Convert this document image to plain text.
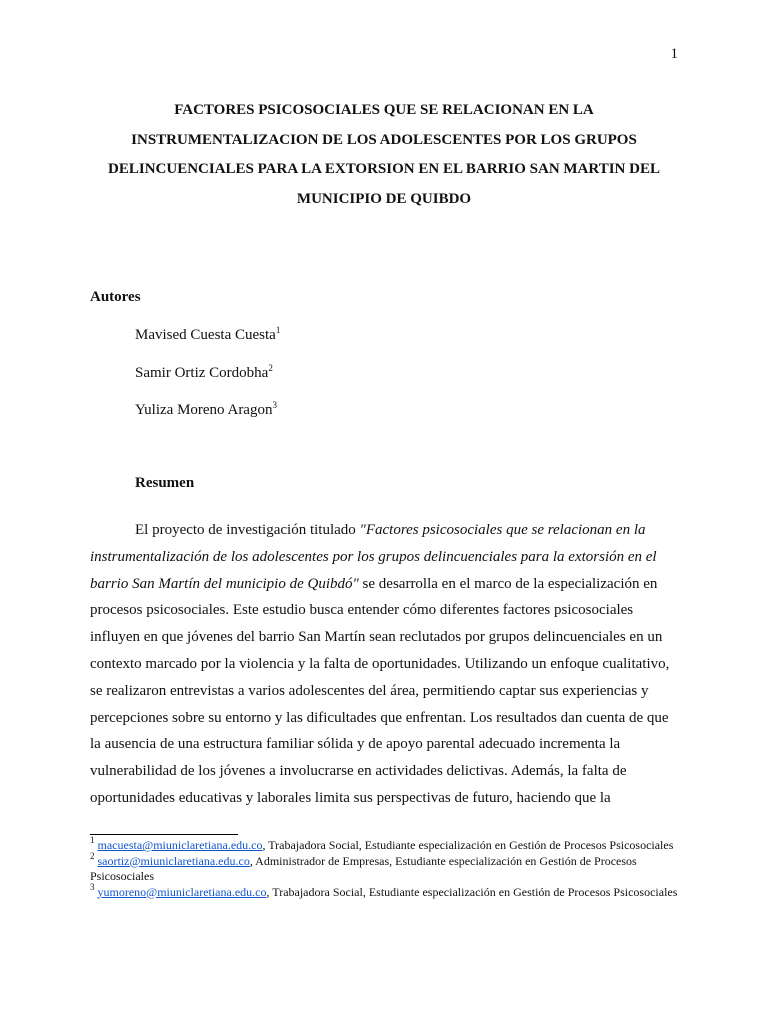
1
FACTORES PSICOSOCIALES QUE SE RELACIONAN EN LA INSTRUMENTALIZACION DE LOS ADOLESCENTES POR LOS GRUPOS DELINCUENCIALES PARA LA EXTORSION EN EL BARRIO SAN MARTIN DEL MUNICIPIO DE QUIBDO
Autores
Mavised Cuesta Cuesta$^1$
Samir Ortiz Cordobha$^2$
Yuliza Moreno Aragon$^3$
Resumen

El proyecto de investigación titulado "Factores psicosociales que se relacionan en la instrumentalización de los adolescentes por los grupos delincuenciales para la extorsión en el barrio San Martín del municipio de Quibdó" se desarrolla en el marco de la especialización en procesos psicosociales. Este estudio busca entender cómo diferentes factores psicosociales influyen en que jóvenes del barrio San Martín sean reclutados por grupos delincuenciales en un contexto marcado por la violencia y la falta de oportunidades. Utilizando un enfoque cualitativo, se realizaron entrevistas a varios adolescentes del área, permitiendo captar sus experiencias y percepciones sobre su entorno y las dificultades que enfrentan. Los resultados dan cuenta de que la ausencia de una estructura familiar sólida y de apoyo parental adecuado incrementa la vulnerabilidad de los jóvenes a involucrarse en actividades delictivas. Además, la falta de oportunidades educativas y laborales limita sus perspectivas de futuro, haciendo que la

$^1$ macuesta@miuniclaretiana.edu.co, Trabajadora Social, Estudiante especialización en Gestión de Procesos Psicosociales

$^2$ saortiz@miuniclaretiana.edu.co, Administrador de Empresas, Estudiante especialización en Gestión de Procesos Psicosociales

$^3$ yumoreno@miuniclaretiana.edu.co, Trabajadora Social, Estudiante especialización en Gestión de Procesos Psicosociales
